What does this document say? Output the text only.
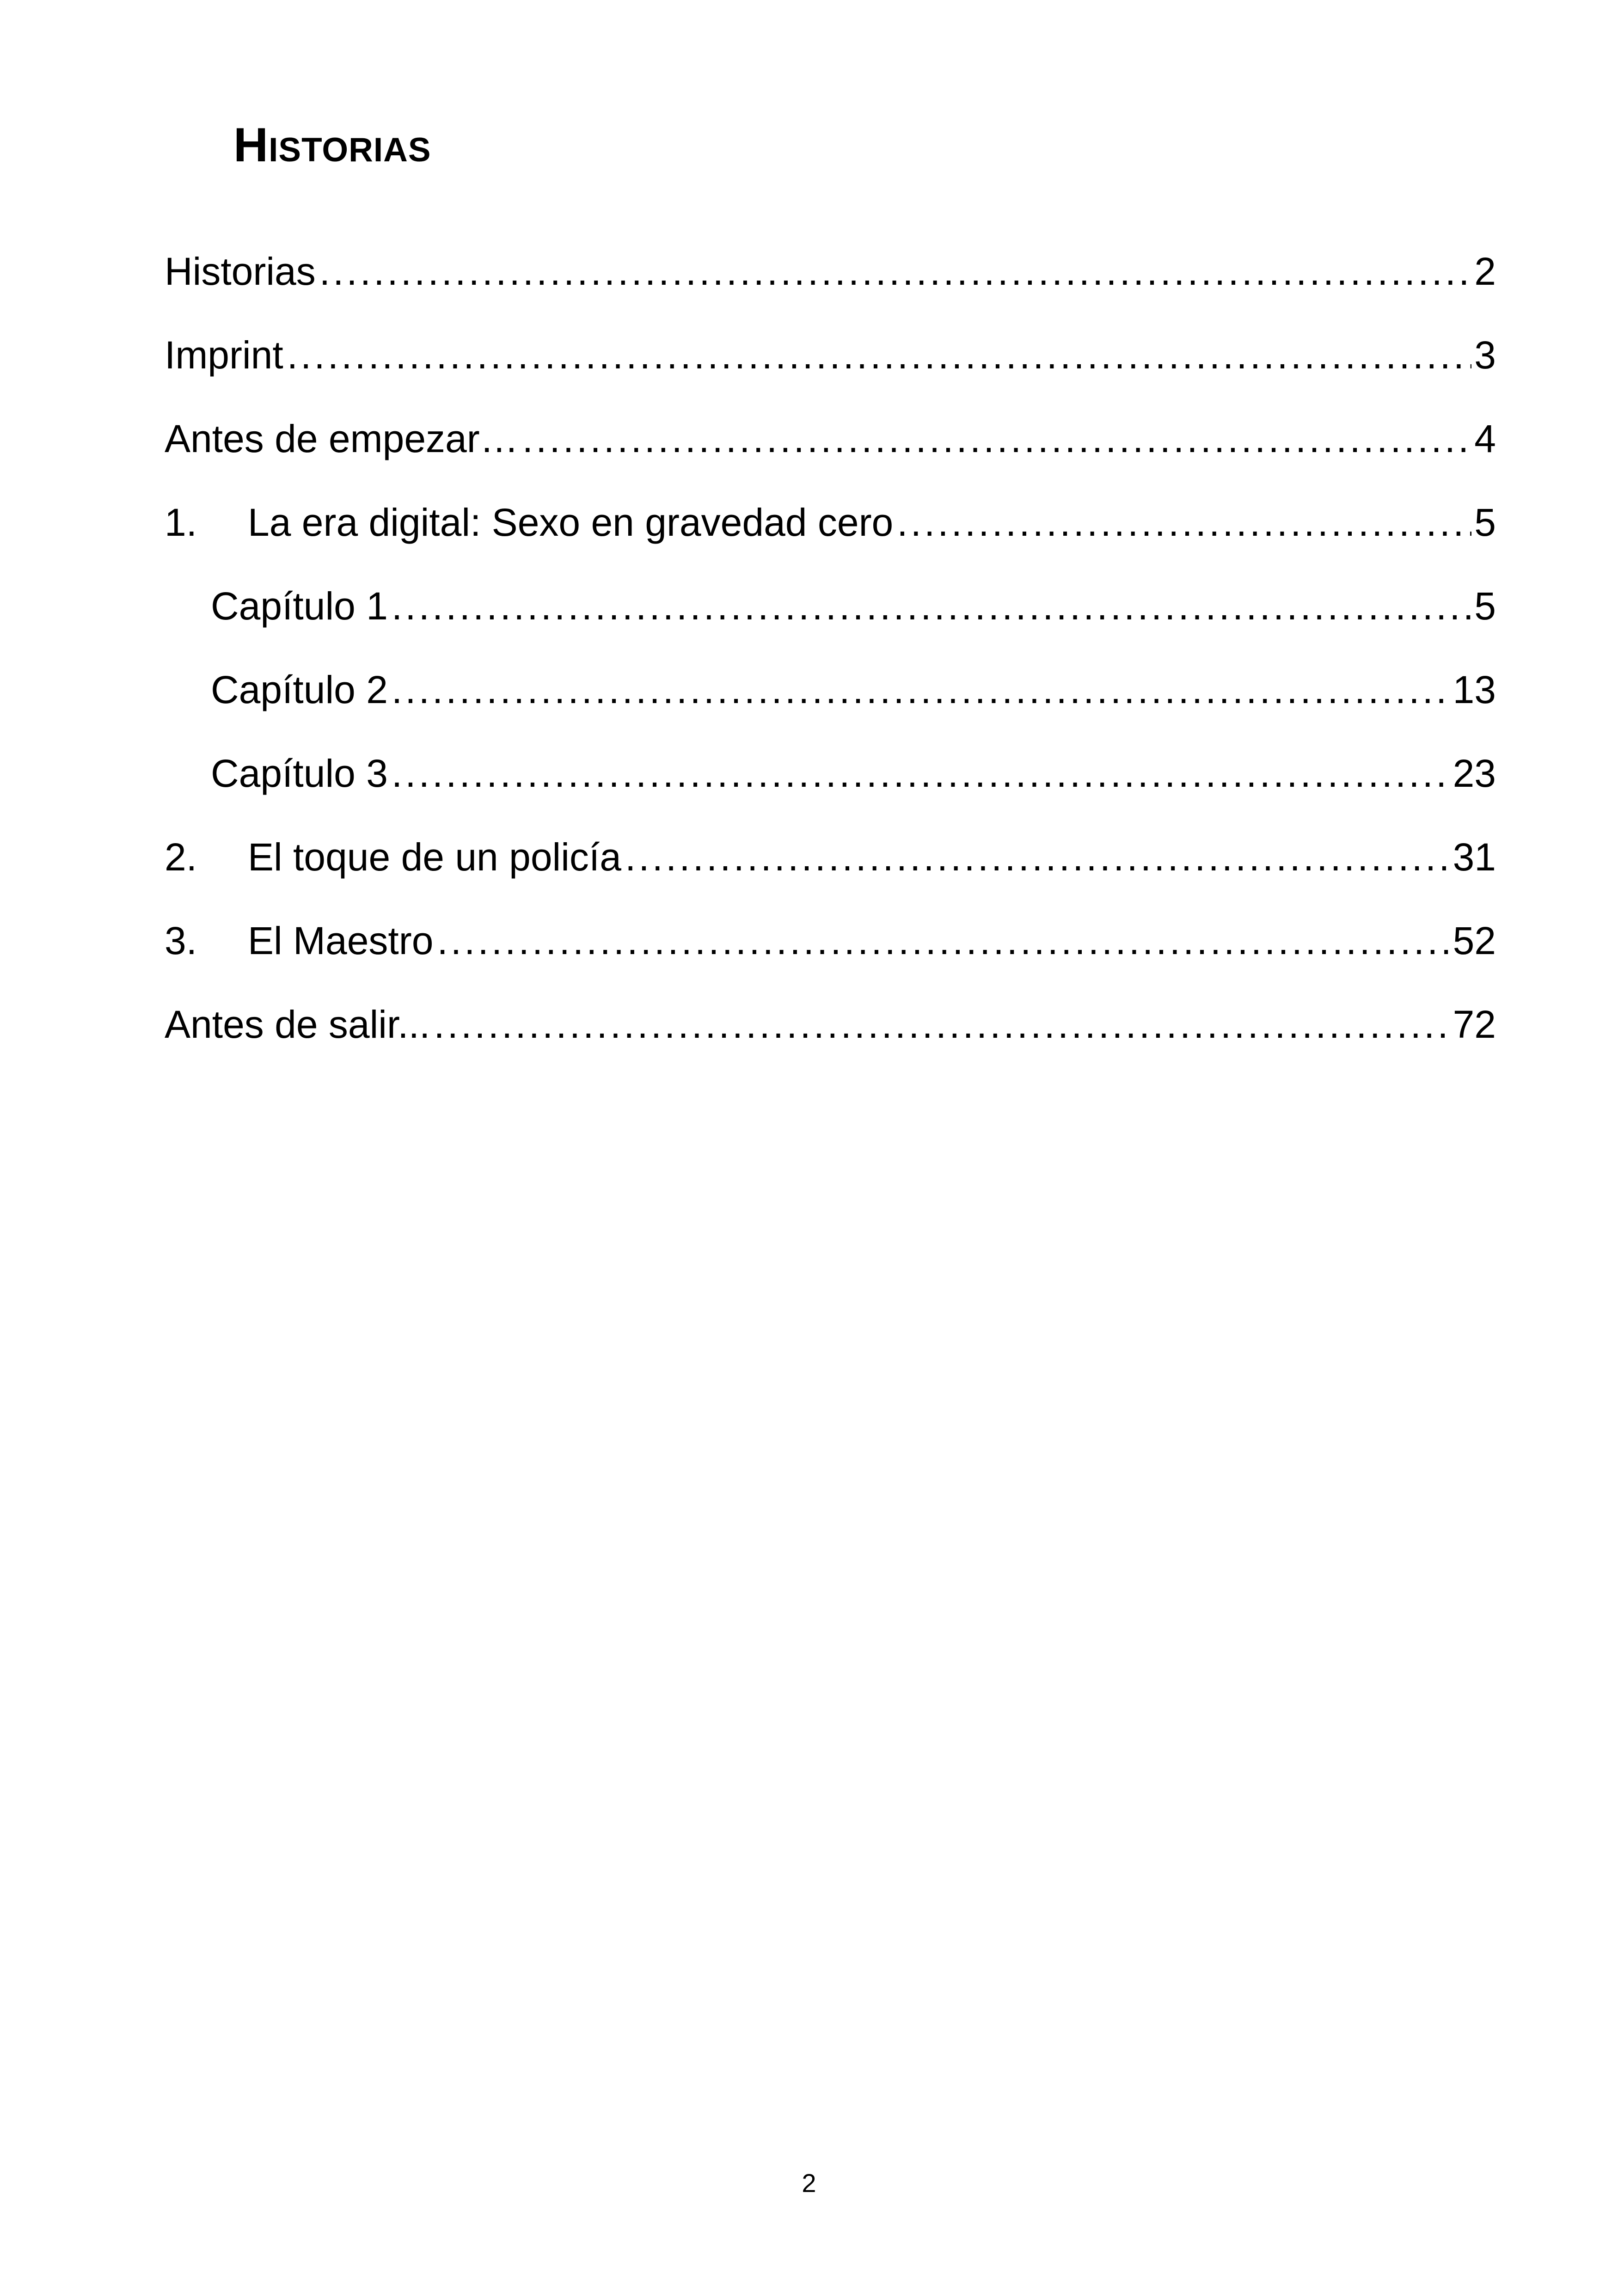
Historias
Historias .....	2
Imprint .....	3
Antes de empezar… .....	4
1.	La era digital: Sexo en gravedad cero .....	5
Capítulo 1 .....	5
Capítulo 2 .....	13
Capítulo 3 .....	23
2.	El toque de un policía .....	31
3.	El Maestro .....	52
Antes de salir... .....	72
2
